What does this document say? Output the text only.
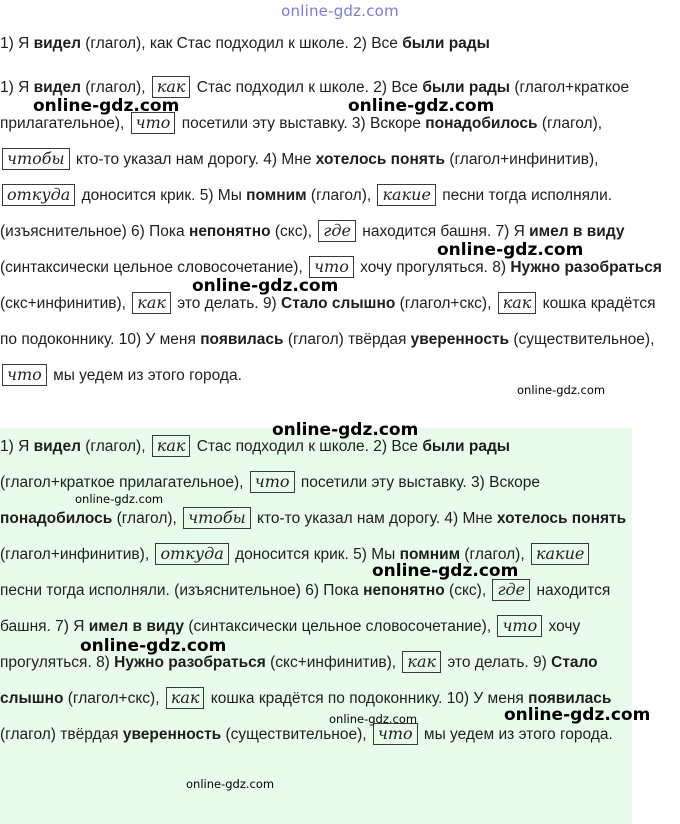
online-gdz.com
1) Я видел (глагол), как Стас подходил к школе. 2) Все были рады
1) Я видел (глагол), как Стас подходил к школе. 2) Все были рады (глагол+краткое прилагательное), что посетили эту выставку. 3) Вскоре понадобилось (глагол), чтобы кто-то указал нам дорогу. 4) Мне хотелось понять (глагол+инфинитив), откуда доносится крик. 5) Мы помним (глагол), какие песни тогда исполняли. (изъяснительное) 6) Пока непонятно (скс), где находится башня. 7) Я имел в виду (синтаксически цельное словосочетание), что хочу прогуляться. 8) Нужно разобраться (скс+инфинитив), как это делать. 9) Стало слышно (глагол+скс), как кошка крадётся по подоконнику. 10) У меня появилась (глагол) твёрдая уверенность (существительное), что мы уедем из этого города.
1) Я видел (глагол), как Стас подходил к школе. 2) Все были рады (глагол+краткое прилагательное), что посетили эту выставку. 3) Вскоре понадобилось (глагол), чтобы кто-то указал нам дорогу. 4) Мне хотелось понять (глагол+инфинитив), откуда доносится крик. 5) Мы помним (глагол), какие песни тогда исполняли. (изъяснительное) 6) Пока непонятно (скс), где находится башня. 7) Я имел в виду (синтаксически цельное словосочетание), что хочу прогуляться. 8) Нужно разобраться (скс+инфинитив), как это делать. 9) Стало слышно (глагол+скс), как кошка крадётся по подоконнику. 10) У меня появилась (глагол) твёрдая уверенность (существительное), что мы уедем из этого города.
online-gdz.com	online-gdz.com
online-gdz.com
online-gdz.com
online-gdz.com
online-gdz.com
online-gdz.com
online-gdz.com
online-gdz.com
online-gdz.com	online-gdz.com
online-gdz.com
